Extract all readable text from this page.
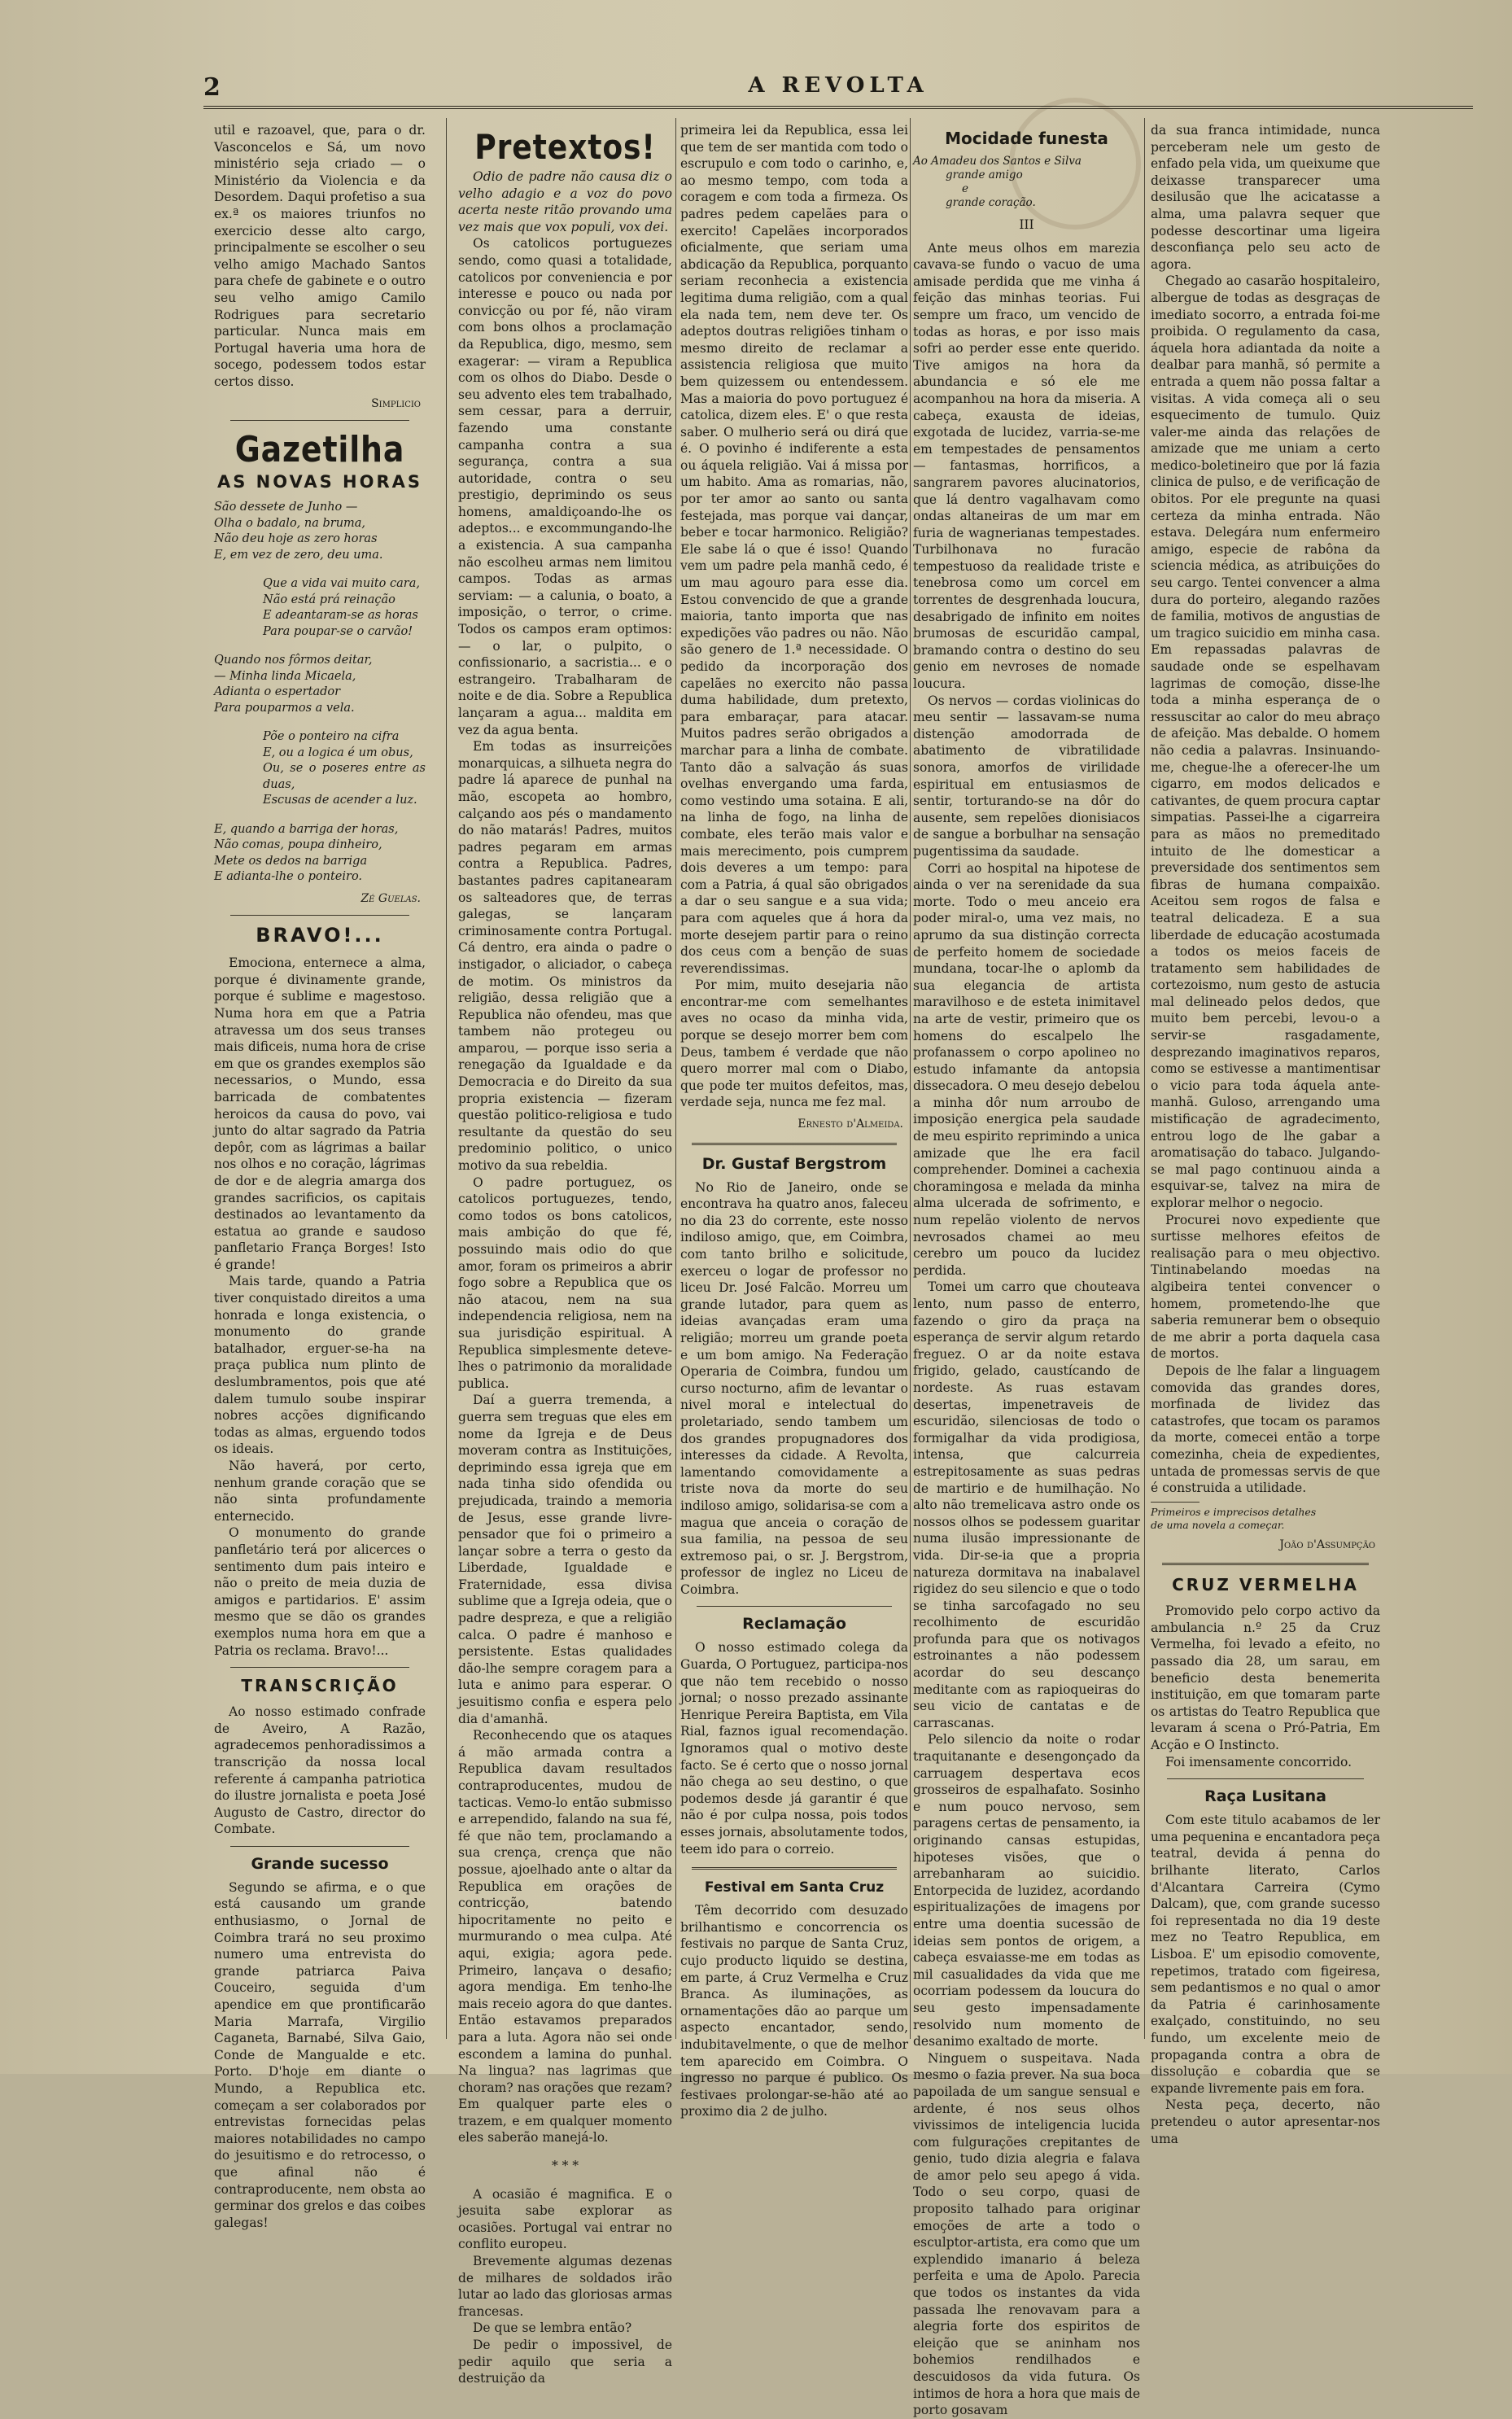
2	A REVOLTA

util e razoavel, que, para o dr. Vasconcelos e Sá, um novo ministério seja criado — o Ministério da Violencia e da Desordem. Daqui profetiso a sua ex.ª os maiores triunfos no exercicio desse alto cargo, principalmente se escolher o seu velho amigo Machado Santos para chefe de gabinete e o outro seu velho amigo Camilo Rodrigues para secretario particular. Nunca mais em Portugal haveria uma hora de socego, podessem todos estar certos disso.

Simplicio

Gazetilha
AS NOVAS HORAS

São dessete de Junho —

Olha o badalo, na bruma,

Não deu hoje as zero horas

E, em vez de zero, deu uma.

Que a vida vai muito cara,

Não está prá reinação

E adeantaram-se as horas

Para poupar-se o carvão!

Quando nos fôrmos deitar,

— Minha linda Micaela,

Adianta o espertador

Para pouparmos a vela.

Põe o ponteiro na cifra

E, ou a logica é um obus,

Ou, se o poseres entre as duas,

Escusas de acender a luz.

E, quando a barriga der horas,

Não comas, poupa dinheiro,

Mete os dedos na barriga

E adianta-lhe o ponteiro.

Zé Guelas.

BRAVO!...

Emociona, enternece a alma, porque é divinamente grande, porque é sublime e magestoso. Numa hora em que a Patria atravessa um dos seus transes mais dificeis, numa hora de crise em que os grandes exemplos são necessarios, o Mundo, essa barricada de combatentes heroicos da causa do povo, vai junto do altar sagrado da Patria depôr, com as lágrimas a bailar nos olhos e no coração, lágrimas de dor e de alegria amarga dos grandes sacrificios, os capitais destinados ao levantamento da estatua ao grande e saudoso panfletario França Borges! Isto é grande!

Mais tarde, quando a Patria tiver conquistado direitos a uma honrada e longa existencia, o monumento do grande batalhador, erguer-se-ha na praça publica num plinto de deslumbramentos, pois que até dalem tumulo soube inspirar nobres acções dignificando todas as almas, erguendo todos os ideais.

Não haverá, por certo, nenhum grande coração que se não sinta profundamente enternecido.

O monumento do grande panfletário terá por alicerces o sentimento dum pais inteiro e não o preito de meia duzia de amigos e partidarios. E' assim mesmo que se dão os grandes exemplos numa hora em que a Patria os reclama. Bravo!...

TRANSCRIÇÃO

Ao nosso estimado confrade de Aveiro, A Razão, agradecemos penhoradissimos a transcrição da nossa local referente á campanha patriotica do ilustre jornalista e poeta José Augusto de Castro, director do Combate.

Grande sucesso

Segundo se afirma, e o que está causando um grande enthusiasmo, o Jornal de Coimbra trará no seu proximo numero uma entrevista do grande patriarca Paiva Couceiro, seguida d'um apendice em que prontificarão Maria Marrafa, Virgilio Caganeta, Barnabé, Silva Gaio, Conde de Mangualde e etc. Porto. D'hoje em diante o Mundo, a Republica etc. começam a ser colaborados por entrevistas fornecidas pelas maiores notabilidades no campo do jesuitismo e do retrocesso, o que afinal não é contraproducente, nem obsta ao germinar dos grelos e das coibes galegas!

Pretextos!

Odio de padre não causa diz o velho adagio e a voz do povo acerta neste ritão provando uma vez mais que vox populi, vox dei.

Os catolicos portuguezes sendo, como quasi a totalidade, catolicos por conveniencia e por interesse e pouco ou nada por convicção ou por fé, não viram com bons olhos a proclamação da Republica, digo, mesmo, sem exagerar: — viram a Republica com os olhos do Diabo. Desde o seu advento eles tem trabalhado, sem cessar, para a derruir, fazendo uma constante campanha contra a sua segurança, contra a sua autoridade, contra o seu prestigio, deprimindo os seus homens, amaldiçoando-lhe os adeptos... e excommungando-lhe a existencia. A sua campanha não escolheu armas nem limitou campos. Todas as armas serviam: — a calunia, o boato, a imposição, o terror, o crime. Todos os campos eram optimos: — o lar, o pulpito, o confissionario, a sacristia... e o estrangeiro. Trabalharam de noite e de dia. Sobre a Republica lançaram a agua... maldita em vez da agua benta.

Em todas as insurreições monarquicas, a silhueta negra do padre lá aparece de punhal na mão, escopeta ao hombro, calçando aos pés o mandamento do não matarás! Padres, muitos padres pegaram em armas contra a Republica. Padres, bastantes padres capitanearam os salteadores que, de terras galegas, se lançaram criminosamente contra Portugal. Cá dentro, era ainda o padre o instigador, o aliciador, o cabeça de motim. Os ministros da religião, dessa religião que a Republica não ofendeu, mas que tambem não protegeu ou amparou, — porque isso seria a renegação da Igualdade e da Democracia e do Direito da sua propria existencia — fizeram questão politico-religiosa e tudo resultante da questão do seu predominio politico, o unico motivo da sua rebeldia.

O padre portuguez, os catolicos portuguezes, tendo, como todos os bons catolicos, mais ambição do que fé, possuindo mais odio do que amor, foram os primeiros a abrir fogo sobre a Republica que os não atacou, nem na sua independencia religiosa, nem na sua jurisdição espiritual. A Republica simplesmente deteve-lhes o patrimonio da moralidade publica.

Daí a guerra tremenda, a guerra sem treguas que eles em nome da Igreja e de Deus moveram contra as Instituições, deprimindo essa igreja que em nada tinha sido ofendida ou prejudicada, traindo a memoria de Jesus, esse grande livre-pensador que foi o primeiro a lançar sobre a terra o gesto da Liberdade, Igualdade e Fraternidade, essa divisa sublime que a Igreja odeia, que o padre despreza, e que a religião calca. O padre é manhoso e persistente. Estas qualidades dão-lhe sempre coragem para a luta e animo para esperar. O jesuitismo confia e espera pelo dia d'amanhã.

Reconhecendo que os ataques á mão armada contra a Republica davam resultados contraproducentes, mudou de tacticas. Vemo-lo então submisso e arrependido, falando na sua fé, fé que não tem, proclamando a sua crença, crença que não possue, ajoelhado ante o altar da Republica em orações de contricção, batendo hipocritamente no peito e murmurando o mea culpa. Até aqui, exigia; agora pede. Primeiro, lançava o desafio; agora mendiga. Em tenho-lhe mais receio agora do que dantes. Então estavamos preparados para a luta. Agora não sei onde escondem a lamina do punhal. Na lingua? nas lagrimas que choram? nas orações que rezam? Em qualquer parte eles o trazem, e em qualquer momento eles saberão manejá-lo.

* * *

A ocasião é magnifica. E o jesuita sabe explorar as ocasiões. Portugal vai entrar no conflito europeu.

Brevemente algumas dezenas de milhares de soldados irão lutar ao lado das gloriosas armas francesas.

De que se lembra então?

De pedir o impossivel, de pedir aquilo que seria a destruição da

primeira lei da Republica, essa lei que tem de ser mantida com todo o escrupulo e com todo o carinho, e, ao mesmo tempo, com toda a coragem e com toda a firmeza. Os padres pedem capelães para o exercito! Capelães incorporados oficialmente, que seriam uma abdicação da Republica, porquanto seriam reconhecia a existencia legitima duma religião, com a qual ela nada tem, nem deve ter. Os adeptos doutras religiões tinham o mesmo direito de reclamar a assistencia religiosa que muito bem quizessem ou entendessem. Mas a maioria do povo portuguez é catolica, dizem eles. E' o que resta saber. O mulherio será ou dirá que é. O povinho é indiferente a esta ou áquela religião. Vai á missa por um habito. Ama as romarias, não, por ter amor ao santo ou santa festejada, mas porque vai dançar, beber e tocar harmonico. Religião? Ele sabe lá o que é isso! Quando vem um padre pela manhã cedo, é um mau agouro para esse dia. Estou convencido de que a grande maioria, tanto importa que nas expedições vão padres ou não. Não são genero de 1.ª necessidade. O pedido da incorporação dos capelães no exercito não passa duma habilidade, dum pretexto, para embaraçar, para atacar. Muitos padres serão obrigados a marchar para a linha de combate. Tanto dão a salvação ás suas ovelhas envergando uma farda, como vestindo uma sotaina. E ali, na linha de fogo, na linha de combate, eles terão mais valor e mais merecimento, pois cumprem dois deveres a um tempo: para com a Patria, á qual são obrigados a dar o seu sangue e a sua vida; para com aqueles que á hora da morte desejem partir para o reino dos ceus com a benção de suas reverendissimas.

Por mim, muito desejaria não encontrar-me com semelhantes aves no ocaso da minha vida, porque se desejo morrer bem com Deus, tambem é verdade que não quero morrer mal com o Diabo, que pode ter muitos defeitos, mas, verdade seja, nunca me fez mal.

Ernesto d'Almeida.

Dr. Gustaf Bergstrom

No Rio de Janeiro, onde se encontrava ha quatro anos, faleceu no dia 23 do corrente, este nosso indiloso amigo, que, em Coimbra, com tanto brilho e solicitude, exerceu o logar de professor no liceu Dr. José Falcão. Morreu um grande lutador, para quem as ideias avançadas eram uma religião; morreu um grande poeta e um bom amigo. Na Federação Operaria de Coimbra, fundou um curso nocturno, afim de levantar o nivel moral e intelectual do proletariado, sendo tambem um dos grandes propugnadores dos interesses da cidade. A Revolta, lamentando comovidamente a triste nova da morte do seu indiloso amigo, solidarisa-se com a magua que anceia o coração de sua familia, na pessoa de seu extremoso pai, o sr. J. Bergstrom, professor de inglez no Liceu de Coimbra.

Reclamação

O nosso estimado colega da Guarda, O Portuguez, participa-nos que não tem recebido o nosso jornal; o nosso prezado assinante Henrique Pereira Baptista, em Vila Rial, faznos igual recomendação. Ignoramos qual o motivo deste facto. Se é certo que o nosso jornal não chega ao seu destino, o que podemos desde já garantir é que não é por culpa nossa, pois todos esses jornais, absolutamente todos, teem ido para o correio.

Festival em Santa Cruz

Têm decorrido com desuzado brilhantismo e concorrencia os festivais no parque de Santa Cruz, cujo producto liquido se destina, em parte, á Cruz Vermelha e Cruz Branca. As iluminações, as ornamentações dão ao parque um aspecto encantador, sendo, indubitavelmente, o que de melhor tem aparecido em Coimbra. O ingresso no parque é publico. Os festivaes prolongar-se-hão até ao proximo dia 2 de julho.

Mocidade funesta
Ao Amadeu dos Santos e Silva
grande amigo
e
grande coração.

III

Ante meus olhos em marezia cavava-se fundo o vacuo de uma amisade perdida que me vinha á feição das minhas teorias. Fui sempre um fraco, um vencido de todas as horas, e por isso mais sofri ao perder esse ente querido. Tive amigos na hora da abundancia e só ele me acompanhou na hora da miseria. A cabeça, exausta de ideias, exgotada de lucidez, varria-se-me em tempestades de pensamentos — fantasmas, horrificos, a sangrarem pavores alucinatorios, que lá dentro vagalhavam como ondas altaneiras de um mar em furia de wagnerianas tempestades. Turbilhonava no furacão tempestuoso da realidade triste e tenebrosa como um corcel em torrentes de desgrenhada loucura, desabrigado de infinito em noites brumosas de escuridão campal, bramando contra o destino do seu genio em nevroses de nomade loucura.

Os nervos — cordas violinicas do meu sentir — lassavam-se numa distenção amodorrada de abatimento de vibratilidade sonora, amorfos de virilidade espiritual em entusiasmos de sentir, torturando-se na dôr do ausente, sem repelões dionisiacos de sangue a borbulhar na sensação pugentissima da saudade.

Corri ao hospital na hipotese de ainda o ver na serenidade da sua morte. Todo o meu anceio era poder miral-o, uma vez mais, no aprumo da sua distinção correcta de perfeito homem de sociedade mundana, tocar-lhe o aplomb da sua elegancia de artista maravilhoso e de esteta inimitavel na arte de vestir, primeiro que os homens do escalpelo lhe profanassem o corpo apolineo no estudo infamante da antopsia dissecadora. O meu desejo debelou a minha dôr num arroubo de imposição energica pela saudade de meu espirito reprimindo a unica amizade que lhe era facil comprehender. Dominei a cachexia choramingosa e melada da minha alma ulcerada de sofrimento, e num repelão violento de nervos nevrosados chamei ao meu cerebro um pouco da lucidez perdida.

Tomei um carro que chouteava lento, num passo de enterro, fazendo o giro da praça na esperança de servir algum retardo freguez. O ar da noite estava frigido, gelado, caustícando de nordeste. As ruas estavam desertas, impenetraveis de escuridão, silenciosas de todo o formigalhar da vida prodigiosa, intensa, que calcurreia estrepitosamente as suas pedras de martirio e de humilhação. No alto não tremelicava astro onde os nossos olhos se podessem guaritar numa ilusão impressionante de vida. Dir-se-ia que a propria natureza dormitava na inabalavel rigidez do seu silencio e que o todo se tinha sarcofagado no seu recolhimento de escuridão profunda para que os notivagos estroinantes a não podessem acordar do seu descanço meditante com as rapioqueiras do seu vicio de cantatas e de carrascanas.

Pelo silencio da noite o rodar traquitanante e desengonçado da carruagem despertava ecos grosseiros de espalhafato. Sosinho e num pouco nervoso, sem paragens certas de pensamento, ia originando cansas estupidas, hipoteses visões, que o arrebanharam ao suicidio. Entorpecida de luzidez, acordando espiritualizações de imagens por entre uma doentia sucessão de ideias sem pontos de origem, a cabeça esvaiasse-me em todas as mil casualidades da vida que me ocorriam podessem da loucura do seu gesto impensadamente resolvido num momento de desanimo exaltado de morte.

Ninguem o suspeitava. Nada mesmo o fazia prever. Na sua boca papoilada de um sangue sensual e ardente, é nos seus olhos vivissimos de inteligencia lucida com fulgurações crepitantes de genio, tudo dizia alegria e falava de amor pelo seu apego á vida. Todo o seu corpo, quasi de proposito talhado para originar emoções de arte a todo o esculptor-artista, era como que um explendido imanario á beleza perfeita e uma de Apolo. Parecia que todos os instantes da vida passada lhe renovavam para a alegria forte dos espiritos de eleição que se aninham nos bohemios rendilhados e descuidosos da vida futura. Os intimos de hora a hora que mais de porto gosavam

da sua franca intimidade, nunca perceberam nele um gesto de enfado pela vida, um queixume que deixasse transparecer uma desilusão que lhe acicatasse a alma, uma palavra sequer que podesse descortinar uma ligeira desconfiança pelo seu acto de agora.

Chegado ao casarão hospitaleiro, albergue de todas as desgraças de imediato socorro, a entrada foi-me proibida. O regulamento da casa, áquela hora adiantada da noite a dealbar para manhã, só permite a entrada a quem não possa faltar a visitas. A vida começa ali o seu esquecimento de tumulo. Quiz valer-me ainda das relações de amizade que me uniam a certo medico-boletineiro que por lá fazia clinica de pulso, e de verificação de obitos. Por ele pregunte na quasi certeza da minha entrada. Não estava. Delegára num enfermeiro amigo, especie de rabôna da sciencia médica, as atribuições do seu cargo. Tentei convencer a alma dura do porteiro, alegando razões de familia, motivos de angustias de um tragico suicidio em minha casa. Em repassadas palavras de saudade onde se espelhavam lagrimas de comoção, disse-lhe toda a minha esperança de o ressuscitar ao calor do meu abraço de afeição. Mas debalde. O homem não cedia a palavras. Insinuando-me, chegue-lhe a oferecer-lhe um cigarro, em modos delicados e cativantes, de quem procura captar simpatias. Passei-lhe a cigarreira para as mãos no premeditado intuito de lhe domesticar a preversidade dos sentimentos sem fibras de humana compaixão. Aceitou sem rogos de falsa e teatral delicadeza. E a sua liberdade de educação acostumada a todos os meios faceis de tratamento sem habilidades de cortezoismo, num gesto de astucia mal delineado pelos dedos, que muito bem percebi, levou-o a servir-se rasgadamente, desprezando imaginativos reparos, como se estivesse a mantimentisar o vicio para toda áquela ante-manhã. Guloso, arrengando uma mistificação de agradecimento, entrou logo de lhe gabar a aromatisação do tabaco. Julgando-se mal pago continuou ainda a esquivar-se, talvez na mira de explorar melhor o negocio.

Procurei novo expediente que surtisse melhores efeitos de realisação para o meu objectivo. Tintinabelando moedas na algibeira tentei convencer o homem, prometendo-lhe que saberia remunerar bem o obsequio de me abrir a porta daquela casa de mortos.

Depois de lhe falar a linguagem comovida das grandes dores, morfinada de lividez das catastrofes, que tocam os paramos da morte, comecei então a torpe comezinha, cheia de expedientes, untada de promessas servis de que é construida a utilidade.

Primeiros e imprecisos detalhes
de uma novela a começar.

João d'Assumpção

CRUZ VERMELHA

Promovido pelo corpo activo da ambulancia n.º 25 da Cruz Vermelha, foi levado a efeito, no passado dia 28, um sarau, em beneficio desta benemerita instituição, em que tomaram parte os artistas do Teatro Republica que levaram á scena o Pró-Patria, Em Acção e O Instincto.

Foi imensamente concorrido.

Raça Lusitana

Com este titulo acabamos de ler uma pequenina e encantadora peça teatral, devida á penna do brilhante literato, Carlos d'Alcantara Carreira (Cymo Dalcam), que, com grande sucesso foi representada no dia 19 deste mez no Teatro Republica, em Lisboa. E' um episodio comovente, repetimos, tratado com figeiresa, sem pedantismos e no qual o amor da Patria é carinhosamente exalçado, constituindo, no seu fundo, um excelente meio de propaganda contra a obra de dissolução e cobardia que se expande livremente pais em fora.

Nesta peça, decerto, não pretendeu o autor apresentar-nos uma
